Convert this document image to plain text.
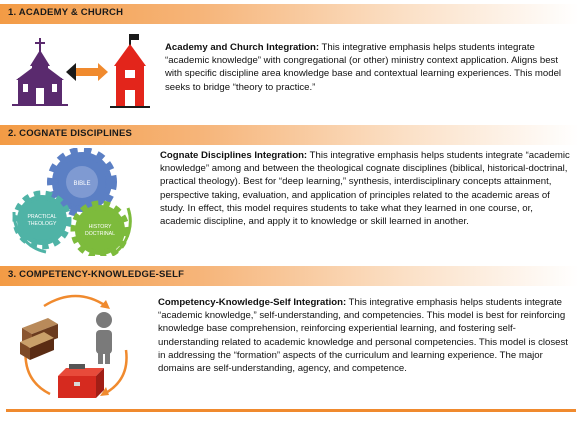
1. ACADEMY & CHURCH
Academy and Church Integration: This integrative emphasis helps students integrate “academic knowledge” with congregational (or other) ministry context application. Aligns best with specific discipline area knowledge base and contextual learning experiences. This model seeks to bridge “theory to practice.”
2. COGNATE DISCIPLINES
BIBLE
PRACTICAL
THEOLOGY	HISTORY
DOCTRINAL
Cognate Disciplines Integration: This integrative emphasis helps students integrate “academic knowledge” among and between the theological cognate disciplines (biblical, historical-doctrinal, practical theology). Best for “deep learning,” synthesis, interdisciplinary concepts attainment, perspective taking, evaluation, and application of principles related to the academic areas of study. In effect, this model requires students to take what they learned in one course, or, academic discipline, and apply it to knowledge or skill learned in another.
3. COMPETENCY-KNOWLEDGE-SELF
Competency-Knowledge-Self Integration: This integrative emphasis helps students integrate “academic knowledge,” self-understanding, and competencies. This model is best for reinforcing knowledge base comprehension, reinforcing experiential learning, and fostering self-understanding related to academic knowledge and personal competencies. This model is closest in addressing the “formation” aspects of the curriculum and learning experience. The major domains are self-understanding, agency, and competence.
